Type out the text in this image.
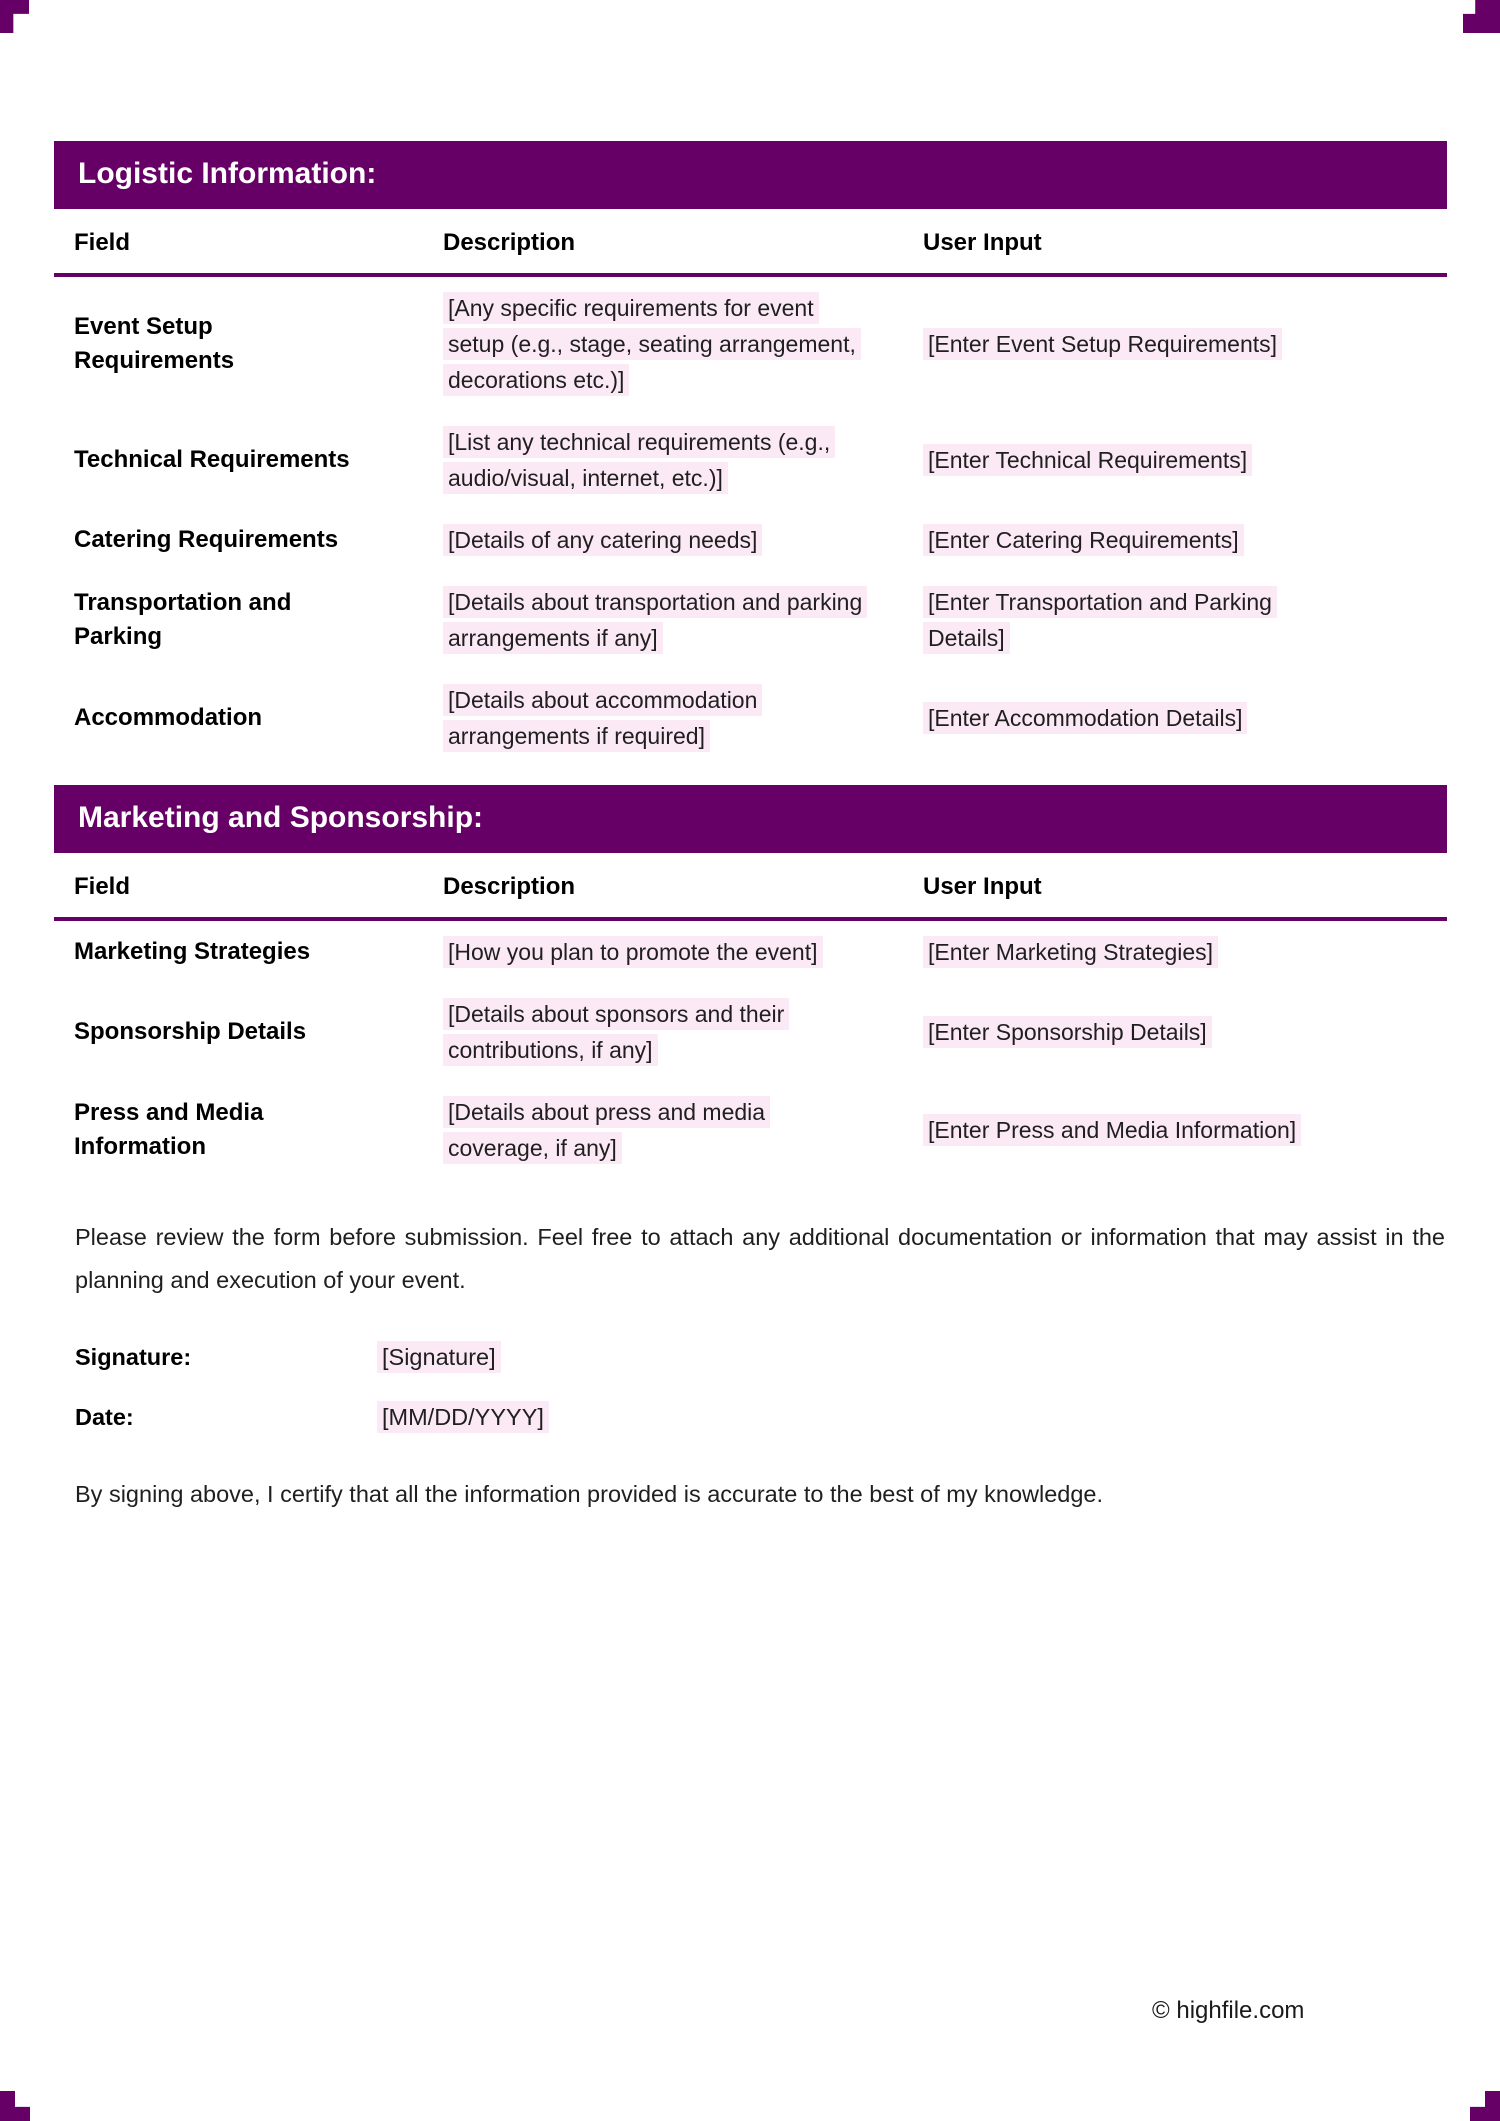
Logistic Information:
Field	Description	User Input
Event Setup Requirements	[Any specific requirements for event setup (e.g., stage, seating arrangement, decorations etc.)]	[Enter Event Setup Requirements]
Technical Requirements	[List any technical requirements (e.g., audio/visual, internet, etc.)]	[Enter Technical Requirements]
Catering Requirements	[Details of any catering needs]	[Enter Catering Requirements]
Transportation and Parking	[Details about transportation and parking arrangements if any]	[Enter Transportation and Parking Details]
Accommodation	[Details about accommodation arrangements if required]	[Enter Accommodation Details]
Marketing and Sponsorship:
Field	Description	User Input
Marketing Strategies	[How you plan to promote the event]	[Enter Marketing Strategies]
Sponsorship Details	[Details about sponsors and their contributions, if any]	[Enter Sponsorship Details]
Press and Media Information	[Details about press and media coverage, if any]	[Enter Press and Media Information]

Please review the form before submission. Feel free to attach any additional documentation or information that may assist in the planning and execution of your event.

Signature:	[Signature]
Date:	[MM/DD/YYYY]

By signing above, I certify that all the information provided is accurate to the best of my knowledge.

© highfile.com
